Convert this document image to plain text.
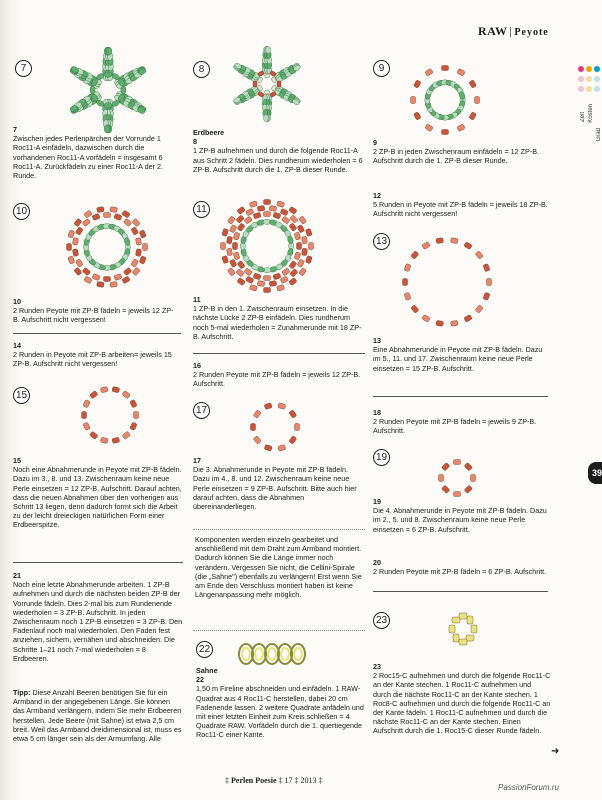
RAW | Peyote
Zeit Kosten
Grad
39
7
7
Zwischen jedes Perlenpärchen der Vorrunde 1 Roc11-A einfädeln, dazwischen durch die vorhandenen Roc11-A vorfädeln = insgesamt 6 Roc11-A. Zurückfädeln zu einer Roc11-A der 2. Runde.
10
10
2 Runden Peyote mit ZP-B fädeln = jeweils 12 ZP-B. Aufschritt nicht vergessen!
14
2 Runden in Peyote mit ZP-B arbeiten= jeweils 15 ZP-B. Aufschritt nicht vergessen!
15
15
Noch eine Abnahmerunde in Peyote mit ZP-B fädeln. Dazu im 3., 8. und 13. Zwischenraum keine neue Perle einsetzen = 12 ZP-B. Aufschritt. Darauf achten, dass die neuen Abnahmen über den vorherigen aus Schritt 13 liegen, denn dadurch formt sich die Arbeit zu der leicht dreieckigen natürlichen Form einer Erdbeerspitze.
21
Noch eine letzte Abnahmerunde arbeiten. 1 ZP-B aufnehmen und durch die nächsten beiden ZP-B der Vorrunde fädeln. Dies 2-mal bis zum Rundenende wiederholen = 3 ZP-B. Aufschritt. In jeden Zwischenraum noch 1 ZP-B einsetzen = 3 ZP-B. Den Fadenlauf noch mal wiederholen. Den Faden fest anziehen, sichern, vernähen und abschneiden. Die Schritte 1–21 noch 7-mal wiederholen = 8 Erdbeeren.
Tipp: Diese Anzahl Beeren benötigen Sie für ein Armband in der angegebenen Länge. Sie können das Armband verlängern, indem Sie mehr Erdbeeren herstellen. Jede Beere (mit Sahne) ist etwa 2,5 cm breit. Weil das Armband dreidimensional ist, muss es etwa 5 cm länger sein als der Armumfang. Alle
8
Erdbeere
8
1 ZP-B aufnehmen und durch die folgende Roc11-A aus Schritt 2 fädeln. Dies rundherum wiederholen = 6 ZP-B. Aufschritt durch die 1. ZP-B dieser Runde.
11
11
1 ZP-B in den 1. Zwischenraum einsetzen. In die nächste Lücke 2 ZP-B einfädeln. Dies rundherum noch 5-mal wiederholen = Zunahmerunde mit 18 ZP-B. Aufschritt.
16
2 Runden Peyote mit ZP-B fädeln = jeweils 12 ZP-B. Aufschritt.
17
17
Die 3. Abnahmerunde in Peyote mit ZP-B fädeln. Dazu im 4., 8. und 12. Zwischenraum keine neue Perle einsetzen = 9 ZP-B. Aufschritt. Bitte auch hier darauf achten, dass die Abnahmen übereinanderliegen.
Komponenten werden einzeln gearbeitet und anschließend mit dem Draht zum Armband montiert. Dadurch können Sie die Länge immer noch verändern. Vergessen Sie nicht, die Cellini-Spirale (die „Sahne") ebenfalls zu verlängern! Erst wenn Sie am Ende den Verschluss montiert haben ist keine Längenanpassung mehr möglich.
22
Sahne
22
1,50 m Fireline abschneiden und einfädeln. 1 RAW-Quadrat aus 4 Roc11-C herstellen, dabei 20 cm Fadenende lassen. 2 weitere Quadrate anfädeln und mit einer letzten Einheit zum Kreis schließen = 4 Quadrate RAW. Vorfädeln durch die 1. quertiegende Roc11-C einer Kante.
9
9
2 ZP-B in jeden Zwischenraum einfädeln = 12 ZP-B. Aufschritt durch die 1. ZP-B dieser Runde.
12
5 Runden in Peyote mit ZP-B fädeln = jeweils 18 ZP-B. Aufschritt nicht vergessen!
13
13
Eine Abnahmerunde in Peyote mit ZP-B fädeln. Dazu im 5., 11. und 17. Zwischenraum keine neue Perle einsetzen = 15 ZP-B. Aufschritt.
18
2 Runden Peyote mit ZP-B fädeln = jeweils 9 ZP-B. Aufschritt.
19
19
Die 4. Abnahmerunde in Peyote mit ZP-B fädeln. Dazu im 2., 5. und 8. Zwischenraum keine neue Perle einsetzen = 6 ZP-B. Aufschritt.
20
2 Runden Peyote mit ZP-B fädeln = 6 ZP-B. Aufschritt.
23
23
2 Roc15-C aufnehmen und durch die folgende Roc11-C an der Kante stechen. 1 Roc11-C aufnehmen und durch die nächste Roc11-C an der Kante stechen. 1 Roc8-C aufnehmen und durch die folgende Roc11-C an der Kante fädeln. 1 Roc11-C aufnehmen und durch die nächste Roc11-C an der Kante stechen. Einen Aufschritt durch die 1. Roc15-C dieser Runde fädeln.
➜
‡ Perlen Poesie ‡ 17 ‡ 2013 ‡
PassionForum.ru
